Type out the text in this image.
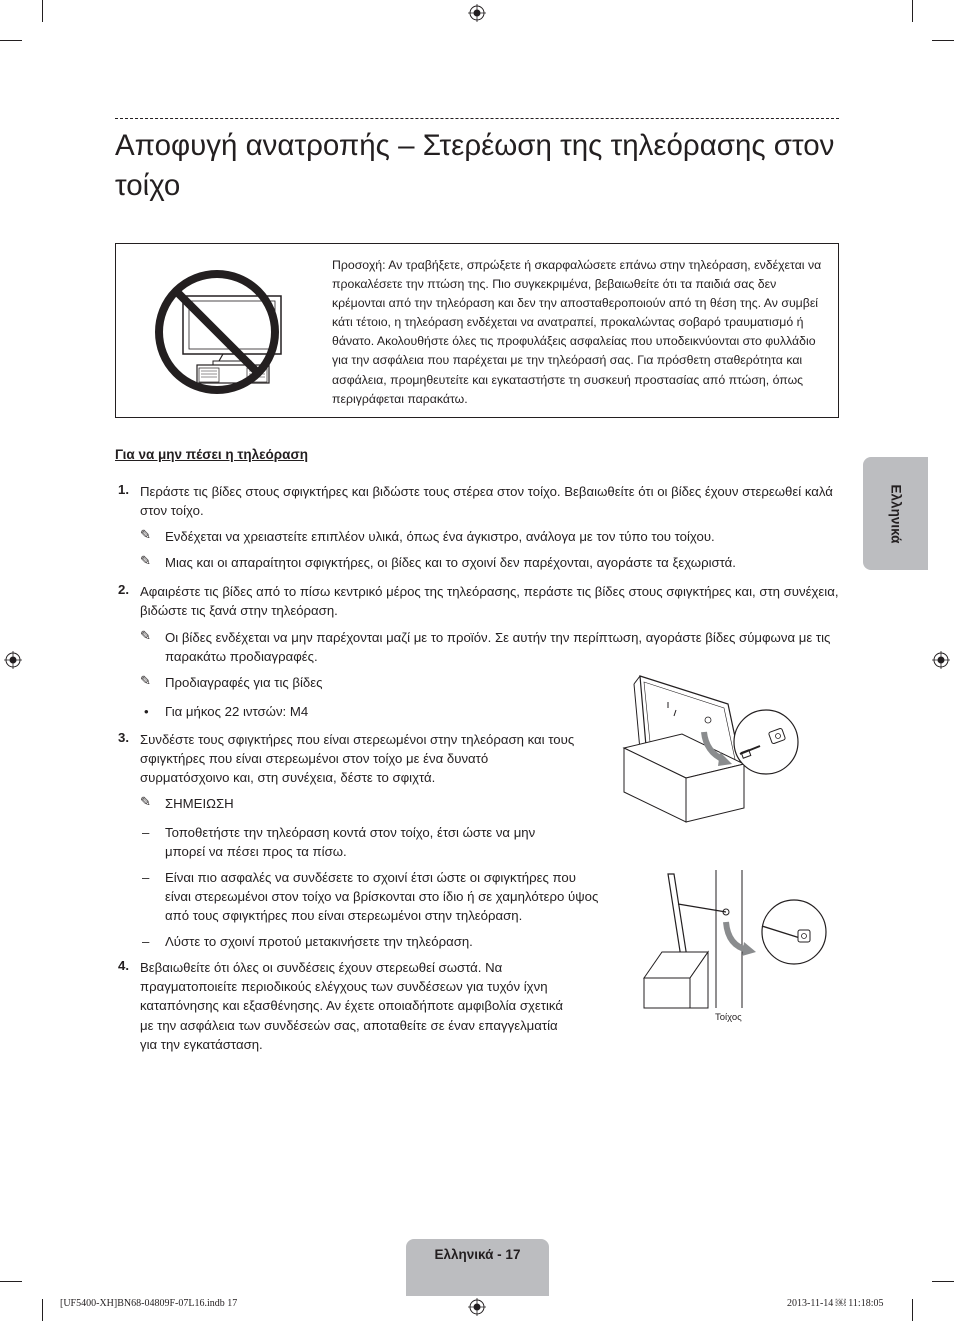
Αποφυγή ανατροπής – Στερέωση της τηλεόρασης στον τοίχο

Προσοχή: Αν τραβήξετε, σπρώξετε ή σκαρφαλώσετε επάνω στην τηλεόραση, ενδέχεται να προκαλέσετε την πτώση της. Πιο συγκεκριμένα, βεβαιωθείτε ότι τα παιδιά σας δεν κρέμονται από την τηλεόραση και δεν την αποσταθεροποιούν από τη θέση της. Αν συμβεί κάτι τέτοιο, η τηλεόραση ενδέχεται να ανατραπεί, προκαλώντας σοβαρό τραυματισμό ή θάνατο. Ακολουθήστε όλες τις προφυλάξεις ασφαλείας που υποδεικνύονται στο φυλλάδιο για την ασφάλεια που παρέχεται με την τηλεόρασή σας. Για πρόσθετη σταθερότητα και ασφάλεια, προμηθευτείτε και εγκαταστήστε τη συσκευή προστασίας από πτώση, όπως περιγράφεται παρακάτω.

Για να μην πέσει η τηλεόραση

1. Περάστε τις βίδες στους σφιγκτήρες και βιδώστε τους στέρεα στον τοίχο. Βεβαιωθείτε ότι οι βίδες έχουν στερεωθεί καλά στον τοίχο.
✎ Ενδέχεται να χρειαστείτε επιπλέον υλικά, όπως ένα άγκιστρο, ανάλογα με τον τύπο του τοίχου.
✎ Μιας και οι απαραίτητοι σφιγκτήρες, οι βίδες και το σχοινί δεν παρέχονται, αγοράστε τα ξεχωριστά.
2. Αφαιρέστε τις βίδες από το πίσω κεντρικό μέρος της τηλεόρασης, περάστε τις βίδες στους σφιγκτήρες και, στη συνέχεια, βιδώστε τις ξανά στην τηλεόραση.
✎ Οι βίδες ενδέχεται να μην παρέχονται μαζί με το προϊόν. Σε αυτήν την περίπτωση, αγοράστε βίδες σύμφωνα με τις παρακάτω προδιαγραφές.
✎ Προδιαγραφές για τις βίδες
• Για μήκος 22 ιντσών: M4
3. Συνδέστε τους σφιγκτήρες που είναι στερεωμένοι στην τηλεόραση και τους σφιγκτήρες που είναι στερεωμένοι στον τοίχο με ένα δυνατό συρματόσχοινο και, στη συνέχεια, δέστε το σφιχτά.
✎ ΣΗΜΕΙΩΣΗ
– Τοποθετήστε την τηλεόραση κοντά στον τοίχο, έτσι ώστε να μην μπορεί να πέσει προς τα πίσω.
– Είναι πιο ασφαλές να συνδέσετε το σχοινί έτσι ώστε οι σφιγκτήρες που είναι στερεωμένοι στον τοίχο να βρίσκονται στο ίδιο ή σε χαμηλότερο ύψος από τους σφιγκτήρες που είναι στερεωμένοι στην τηλεόραση.
– Λύστε το σχοινί προτού μετακινήσετε την τηλεόραση.
4. Βεβαιωθείτε ότι όλες οι συνδέσεις έχουν στερεωθεί σωστά. Να πραγματοποιείτε περιοδικούς ελέγχους των συνδέσεων για τυχόν ίχνη καταπόνησης και εξασθένησης. Αν έχετε οποιαδήποτε αμφιβολία σχετικά με την ασφάλεια των συνδέσεών σας, αποταθείτε σε έναν επαγγελματία για την εγκατάσταση.
Τοίχος
Ελληνικά
Ελληνικά - 17
[UF5400-XH]BN68-04809F-07L16.indb 17	2013-11-14 ￼ 11:18:05
